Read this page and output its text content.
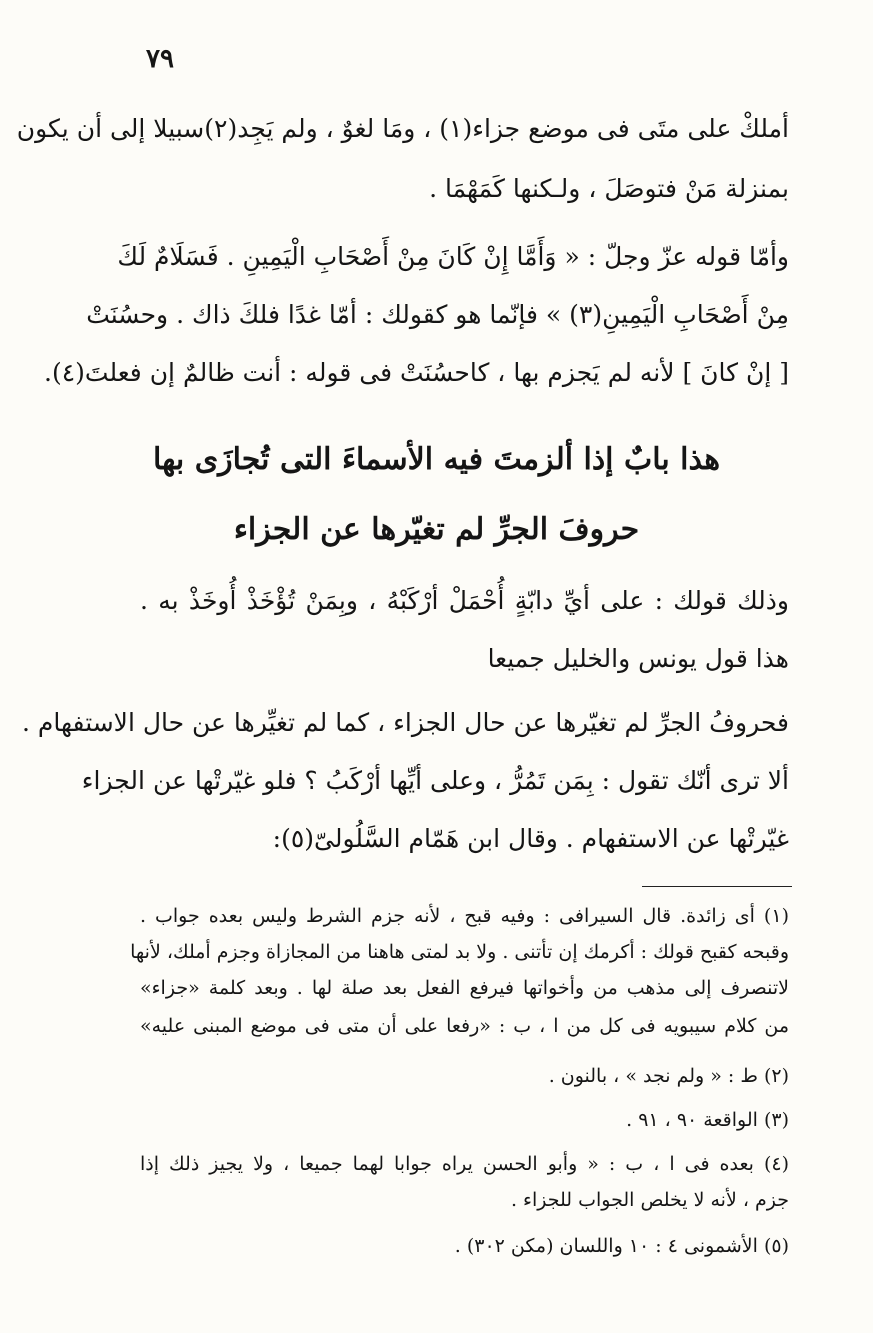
٧٩
أملكْ على متَى فى موضع جزاء(١) ، ومَا لغوٌ ، ولم يَجِد(٢)سبيلا إلى أن يكون
بمنزلة مَنْ فتوصَلَ ، ولـكنها كَمَهْمَا .
وأمّا قوله عزّ وجلّ : « وَأَمَّا إِنْ كَانَ مِنْ أَصْحَابِ الْيَمِينِ . فَسَلَامٌ لَكَ
مِنْ أَصْحَابِ الْيَمِينِ(٣) » فإنّما هو كقولك : أمّا غدًا فلكَ ذاك . وحسُنَتْ
[ إنْ كانَ ] لأنه لم يَجزم بها ، كاحسُنَتْ فى قوله : أنت ظالمٌ إن فعلتَ(٤).
هذا بابٌ إذا ألزمتَ فيه الأسماءَ التى تُجازَى بها
حروفَ الجرِّ لم تغيّرها عن الجزاء
وذلك قولك : على أيِّ دابّةٍ أُحْمَلْ أرْكَبْهُ ، وبِمَنْ تُؤْخَذْ أُوخَذْ به .
هذا قول يونس والخليل جميعا
فحروفُ الجرِّ لم تغيّرها عن حال الجزاء ، كما لم تغيِّرها عن حال الاستفهام .
ألا ترى أنّك تقول : بِمَن تَمُرُّ ، وعلى أيِّها أرْكَبُ ؟ فلو غيّرتْها عن الجزاء
غيّرتْها عن الاستفهام . وقال ابن هَمّام السَّلُولىّ(٥):
(١) أى زائدة. قال السيرافى : وفيه قبح ، لأنه جزم الشرط وليس بعده جواب .
وقبحه كقبح قولك : أكرمك إن تأتنى . ولا بد لمتى هاهنا من المجازاة وجزم أملك، لأنها
لاتنصرف إلى مذهب من وأخواتها فيرفع الفعل بعد صلة لها . وبعد كلمة «جزاء»
من كلام سيبويه فى كل من ا ، ب : «رفعا على أن متى فى موضع المبنى عليه»
(٢) ط : « ولم نجد » ، بالنون .
(٣) الواقعة ٩٠ ، ٩١ .
(٤) بعده فى ا ، ب : « وأبو الحسن يراه جوابا لهما جميعا ، ولا يجيز ذلك إذا
جزم ، لأنه لا يخلص الجواب للجزاء .
(٥) الأشمونى ٤ : ١٠ واللسان (مكن ٣٠٢) .
